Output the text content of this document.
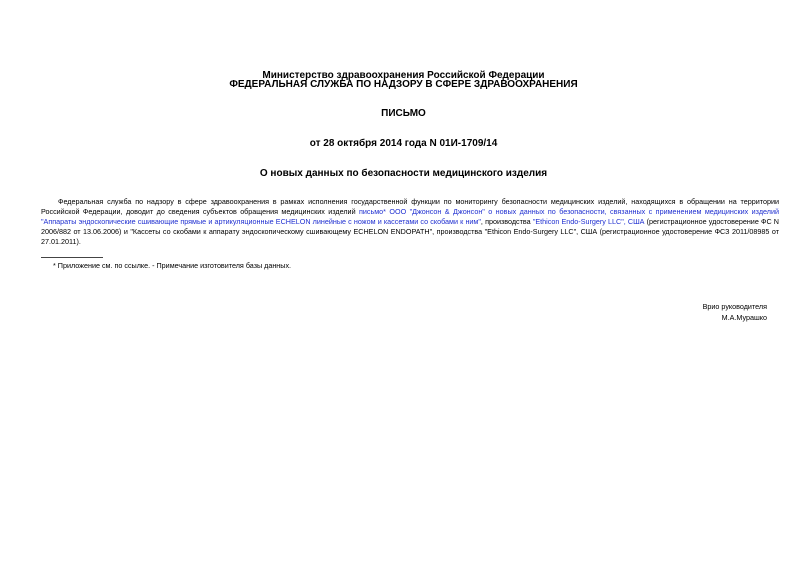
Министерство здравоохранения Российской Федерации
ФЕДЕРАЛЬНАЯ СЛУЖБА ПО НАДЗОРУ В СФЕРЕ ЗДРАВООХРАНЕНИЯ
ПИСЬМО
от 28 октября 2014 года N 01И-1709/14
О новых данных по безопасности медицинского изделия

Федеральная служба по надзору в сфере здравоохранения в рамках исполнения государственной функции по мониторингу безопасности медицинских изделий, находящихся в обращении на территории Российской Федерации, доводит до сведения субъектов обращения медицинских изделий письмо* ООО "Джонсон & Джонсон" о новых данных по безопасности, связанных с применением медицинских изделий "Аппараты эндоскопические сшивающие прямые и артикуляционные ECHELON линейные с ножом и кассетами со скобами к ним", производства "Ethicon Endo-Surgery LLC", США (регистрационное удостоверение ФС N 2006/882 от 13.06.2006) и "Кассеты со скобами к аппарату эндоскопическому сшивающему ECHELON ENDOPATH", производства "Ethicon Endo-Surgery LLC", США (регистрационное удостоверение ФСЗ 2011/08985 от 27.01.2011).

* Приложение см. по ссылке. - Примечание изготовителя базы данных.
Врио руководителя
М.А.Мурашко
